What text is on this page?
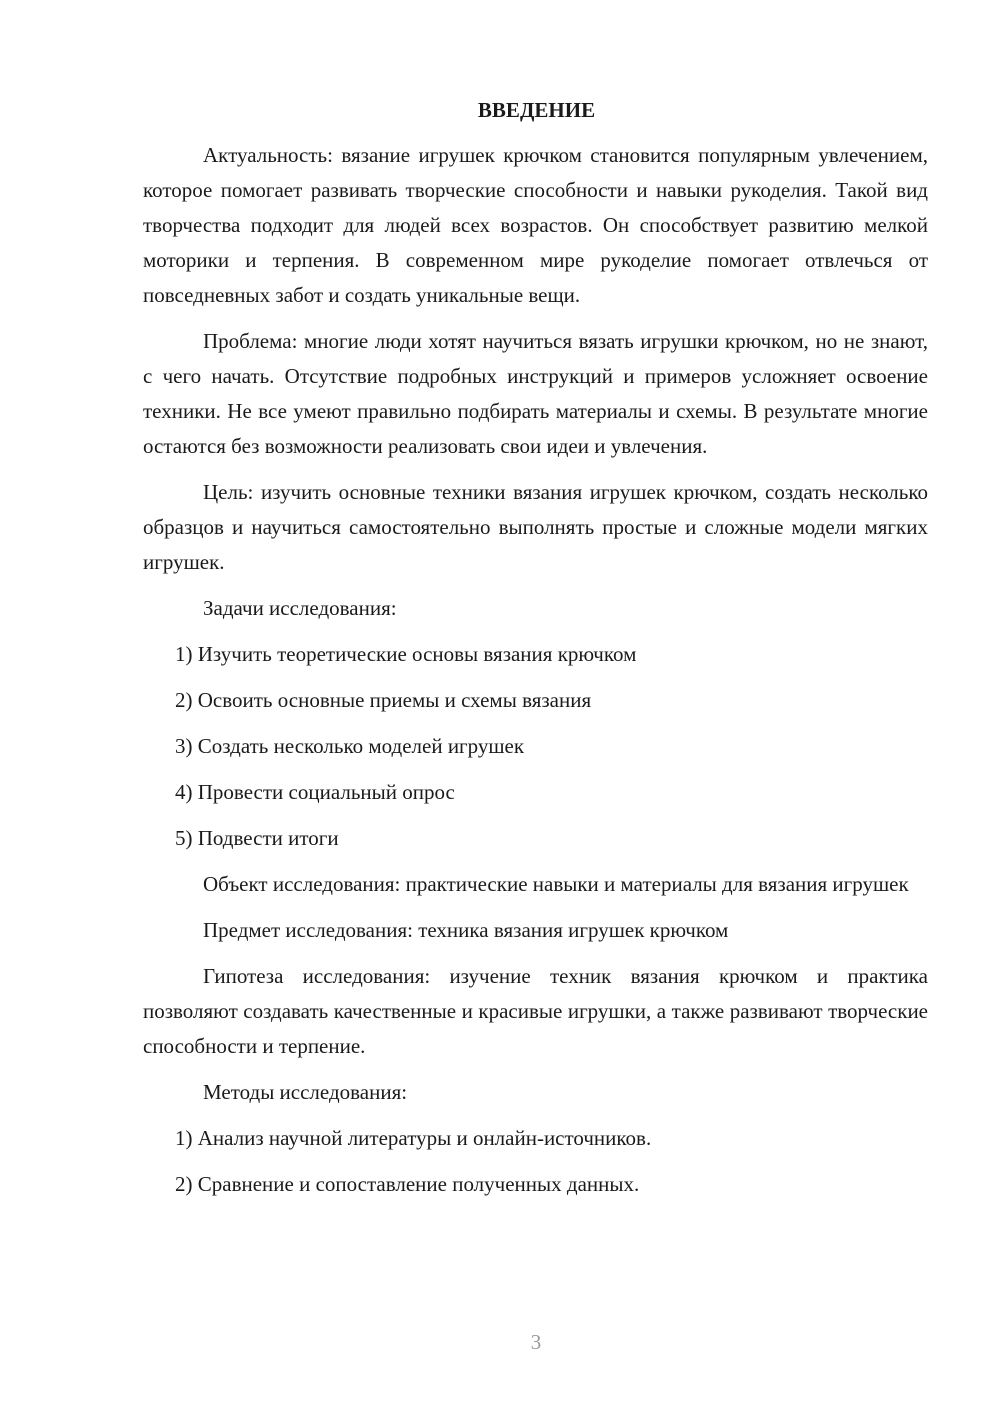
ВВЕДЕНИЕ

Актуальность: вязание игрушек крючком становится популярным увлечением, которое помогает развивать творческие способности и навыки рукоделия. Такой вид творчества подходит для людей всех возрастов. Он способствует развитию мелкой моторики и терпения. В современном мире рукоделие помогает отвлечься от повседневных забот и создать уникальные вещи.

Проблема: многие люди хотят научиться вязать игрушки крючком, но не знают, с чего начать. Отсутствие подробных инструкций и примеров усложняет освоение техники. Не все умеют правильно подбирать материалы и схемы. В результате многие остаются без возможности реализовать свои идеи и увлечения.

Цель: изучить основные техники вязания игрушек крючком, создать несколько образцов и научиться самостоятельно выполнять простые и сложные модели мягких игрушек.

Задачи исследования:

1) Изучить теоретические основы вязания крючком

2) Освоить основные приемы и схемы вязания

3) Создать несколько моделей игрушек

4) Провести социальный опрос

5) Подвести итоги

Объект исследования: практические навыки и материалы для вязания игрушек

Предмет исследования: техника вязания игрушек крючком

Гипотеза исследования: изучение техник вязания крючком и практика позволяют создавать качественные и красивые игрушки, а также развивают творческие способности и терпение.

Методы исследования:

1) Анализ научной литературы и онлайн-источников.

2) Сравнение и сопоставление полученных данных.

3
